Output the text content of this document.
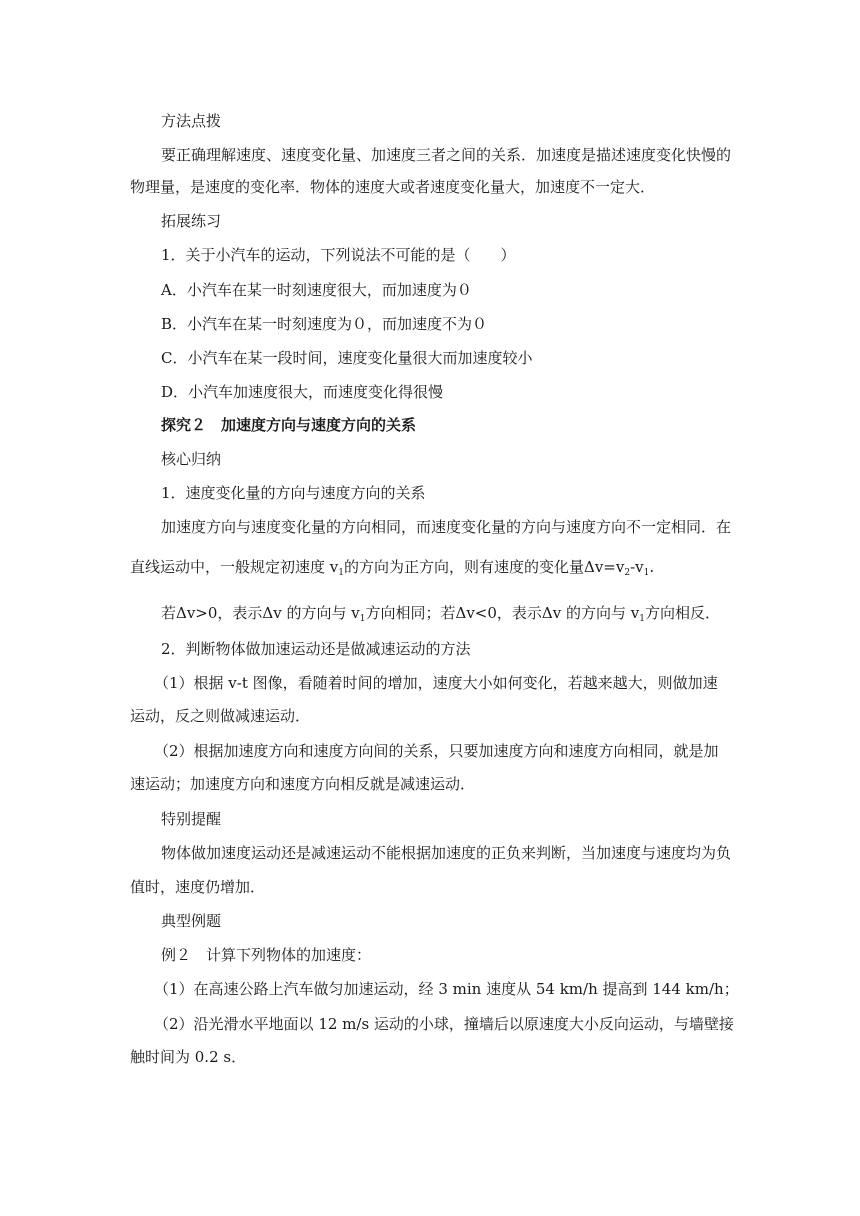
方法点拨
要正确理解速度、速度变化量、加速度三者之间的关系．加速度是描述速度变化快慢的
物理量，是速度的变化率．物体的速度大或者速度变化量大，加速度不一定大．
拓展练习
1．关于小汽车的运动，下列说法不可能的是（　　）
A．小汽车在某一时刻速度很大，而加速度为０
B．小汽车在某一时刻速度为０，而加速度不为０
C．小汽车在某一段时间，速度变化量很大而加速度较小
D．小汽车加速度很大，而速度变化得很慢
探究２　加速度方向与速度方向的关系
核心归纳
1．速度变化量的方向与速度方向的关系
加速度方向与速度变化量的方向相同，而速度变化量的方向与速度方向不一定相同．在
直线运动中，一般规定初速度 $v_1$的方向为正方向，则有速度的变化量$\Delta v=v_2-v_1$.
若Δv>0，表示Δv 的方向与 $v_1$方向相同；若Δv<0，表示Δv 的方向与 $v_1$方向相反．
2．判断物体做加速运动还是做减速运动的方法
（1）根据 v-t 图像，看随着时间的增加，速度大小如何变化，若越来越大，则做加速
运动，反之则做减速运动．
（2）根据加速度方向和速度方向间的关系，只要加速度方向和速度方向相同，就是加
速运动；加速度方向和速度方向相反就是减速运动．
特别提醒
物体做加速度运动还是减速运动不能根据加速度的正负来判断，当加速度与速度均为负
值时，速度仍增加．
典型例题
例２　计算下列物体的加速度：
（1）在高速公路上汽车做匀加速运动，经 3 min 速度从 54 km/h 提高到 144 km/h；
（2）沿光滑水平地面以 12 m/s 运动的小球，撞墙后以原速度大小反向运动，与墙壁接
触时间为 0.2 s．
